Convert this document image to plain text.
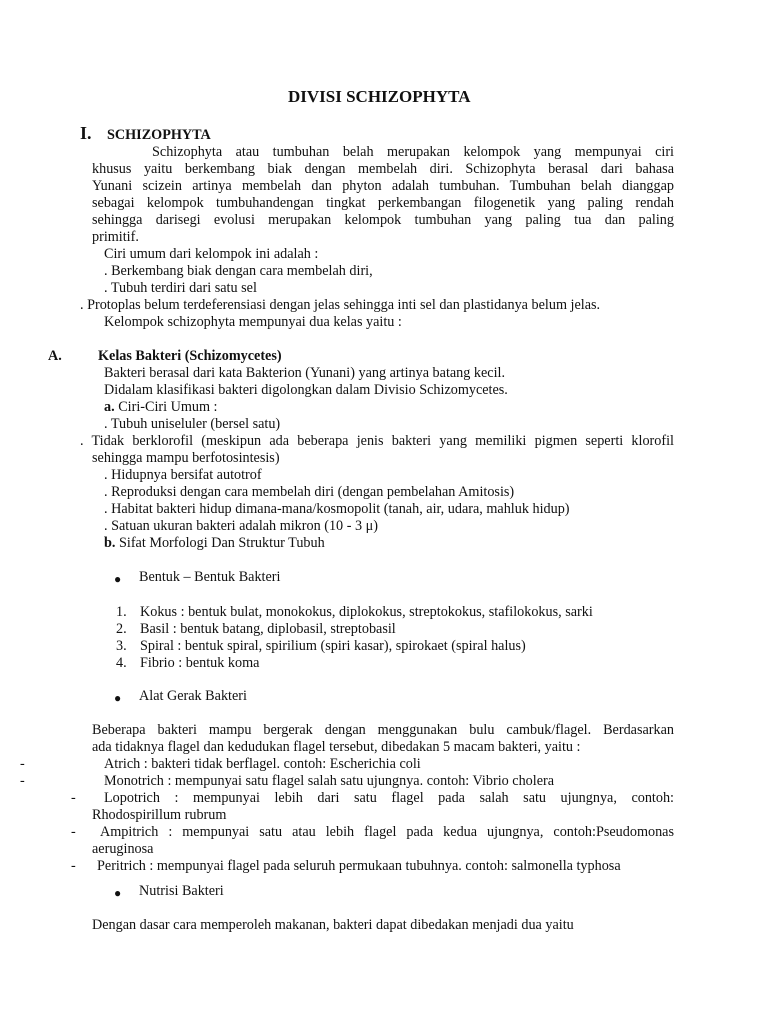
DIVISI SCHIZOPHYTA
I. SCHIZOPHYTA
Schizophyta atau tumbuhan belah merupakan kelompok yang mempunyai ciri
khusus yaitu berkembang biak dengan membelah diri. Schizophyta berasal dari bahasa
Yunani scizein artinya membelah dan phyton adalah tumbuhan. Tumbuhan belah dianggap
sebagai kelompok tumbuhandengan tingkat perkembangan filogenetik yang paling rendah
sehingga darisegi evolusi merupakan kelompok tumbuhan yang paling tua dan paling
primitif.
Ciri umum dari kelompok ini adalah :
. Berkembang biak dengan cara membelah diri,
. Tubuh terdiri dari satu sel
. Protoplas belum terdeferensiasi dengan jelas sehingga inti sel dan plastidanya belum jelas.
Kelompok schizophyta mempunyai dua kelas yaitu :
A.	Kelas Bakteri (Schizomycetes)
Bakteri berasal dari kata Bakterion (Yunani) yang artinya batang kecil.
Didalam klasifikasi bakteri digolongkan dalam Divisio Schizomycetes.
a. Ciri-Ciri Umum :
. Tubuh uniseluler (bersel satu)
. Tidak berklorofil (meskipun ada beberapa jenis bakteri yang memiliki pigmen seperti klorofil
sehingga mampu berfotosintesis)
. Hidupnya bersifat autotrof
. Reproduksi dengan cara membelah diri (dengan pembelahan Amitosis)
. Habitat bakteri hidup dimana-mana/kosmopolit (tanah, air, udara, mahluk hidup)
. Satuan ukuran bakteri adalah mikron (10 - 3 μ)
b. Sifat Morfologi Dan Struktur Tubuh
● Bentuk – Bentuk Bakteri
1. Kokus : bentuk bulat, monokokus, diplokokus, streptokokus, stafilokokus, sarki
2. Basil : bentuk batang, diplobasil, streptobasil
3. Spiral : bentuk spiral, spirilium (spiri kasar), spirokaet (spiral halus)
4. Fibrio : bentuk koma
● Alat Gerak Bakteri
Beberapa bakteri mampu bergerak dengan menggunakan bulu cambuk/flagel. Berdasarkan
ada tidaknya flagel dan kedudukan flagel tersebut, dibedakan 5 macam bakteri, yaitu :
-	Atrich : bakteri tidak berflagel. contoh: Escherichia coli
-	Monotrich : mempunyai satu flagel salah satu ujungnya. contoh: Vibrio cholera
- Lopotrich : mempunyai lebih dari satu flagel pada salah satu ujungnya, contoh:
Rhodospirillum rubrum
- Ampitrich : mempunyai satu atau lebih flagel pada kedua ujungnya, contoh:Pseudomonas
aeruginosa
- Peritrich : mempunyai flagel pada seluruh permukaan tubuhnya. contoh: salmonella typhosa
● Nutrisi Bakteri
Dengan dasar cara memperoleh makanan, bakteri dapat dibedakan menjadi dua yaitu
